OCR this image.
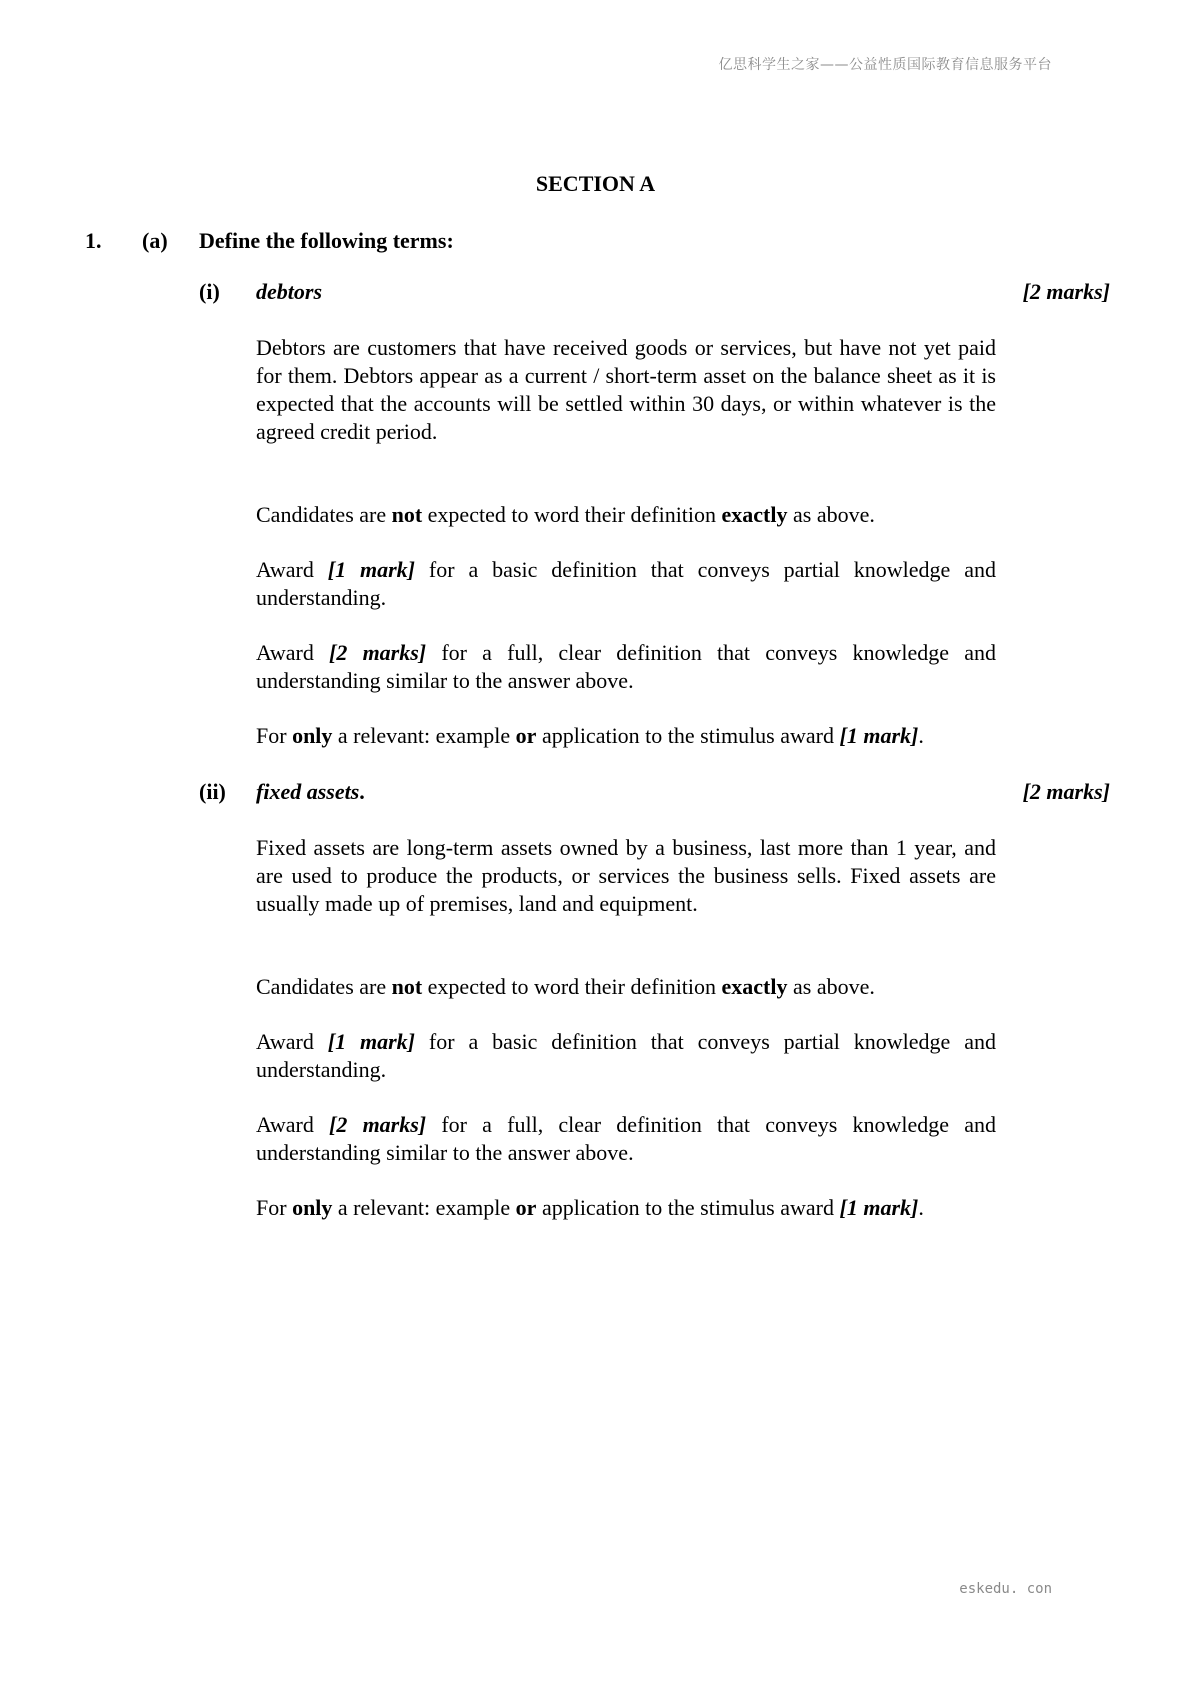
亿思科学生之家——公益性质国际教育信息服务平台
SECTION A
1. (a) Define the following terms:
(i) debtors	[2 marks]

Debtors are customers that have received goods or services, but have not yet paid for them. Debtors appear as a current / short-term asset on the balance sheet as it is expected that the accounts will be settled within 30 days, or within whatever is the agreed credit period.

Candidates are not expected to word their definition exactly as above.

Award [1 mark] for a basic definition that conveys partial knowledge and understanding.

Award [2 marks] for a full, clear definition that conveys knowledge and understanding similar to the answer above.

For only a relevant: example or application to the stimulus award [1 mark].

(ii) fixed assets.	[2 marks]

Fixed assets are long-term assets owned by a business, last more than 1 year, and are used to produce the products, or services the business sells. Fixed assets are usually made up of premises, land and equipment.

Candidates are not expected to word their definition exactly as above.

Award [1 mark] for a basic definition that conveys partial knowledge and understanding.

Award [2 marks] for a full, clear definition that conveys knowledge and understanding similar to the answer above.

For only a relevant: example or application to the stimulus award [1 mark].

eskedu. con
